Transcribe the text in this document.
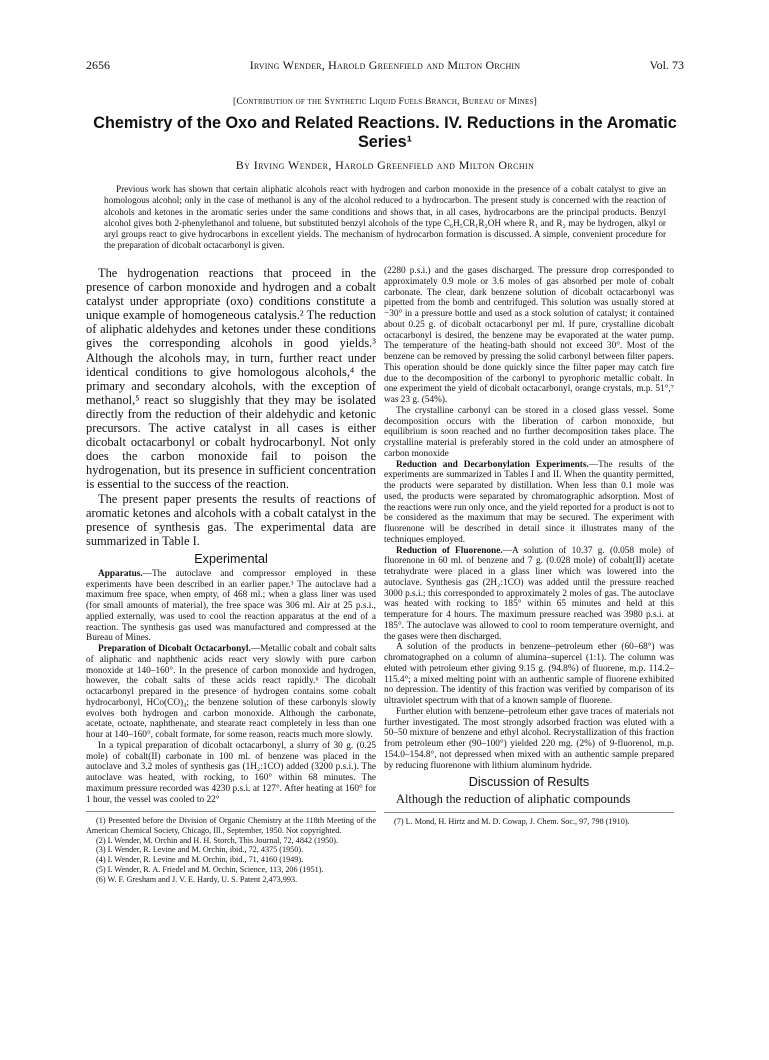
2656	Irving Wender, Harold Greenfield and Milton Orchin	Vol. 73
[Contribution of the Synthetic Liquid Fuels Branch, Bureau of Mines]
Chemistry of the Oxo and Related Reactions. IV. Reductions in the Aromatic Series¹
By Irving Wender, Harold Greenfield and Milton Orchin

Previous work has shown that certain aliphatic alcohols react with hydrogen and carbon monoxide in the presence of a cobalt catalyst to give an homologous alcohol; only in the case of methanol is any of the alcohol reduced to a hydrocarbon. The present study is concerned with the reaction of alcohols and ketones in the aromatic series under the same conditions and shows that, in all cases, hydrocarbons are the principal products. Benzyl alcohol gives both 2-phenylethanol and toluene, but substituted benzyl alcohols of the type C₆H₅CR₁R₂OH where R₁ and R₂ may be hydrogen, alkyl or aryl groups react to give hydrocarbons in excellent yields. The mechanism of hydrocarbon formation is discussed. A simple, convenient procedure for the preparation of dicobalt octacarbonyl is given.

The hydrogenation reactions that proceed in the presence of carbon monoxide and hydrogen and a cobalt catalyst under appropriate (oxo) conditions constitute a unique example of homogeneous catalysis.² The reduction of aliphatic aldehydes and ketones under these conditions gives the corresponding alcohols in good yields.³ Although the alcohols may, in turn, further react under identical conditions to give homologous alcohols,⁴ the primary and secondary alcohols, with the exception of methanol,⁵ react so sluggishly that they may be isolated directly from the reduction of their aldehydic and ketonic precursors. The active catalyst in all cases is either dicobalt octacarbonyl or cobalt hydrocarbonyl. Not only does the carbon monoxide fail to poison the hydrogenation, but its presence in sufficient concentration is essential to the success of the reaction.

The present paper presents the results of reactions of aromatic ketones and alcohols with a cobalt catalyst in the presence of synthesis gas. The experimental data are summarized in Table I.

Experimental

Apparatus.—The autoclave and compressor employed in these experiments have been described in an earlier paper.³ The autoclave had a maximum free space, when empty, of 468 ml.; when a glass liner was used (for small amounts of material), the free space was 306 ml. Air at 25 p.s.i., applied externally, was used to cool the reaction apparatus at the end of a reaction. The synthesis gas used was manufactured and compressed at the Bureau of Mines.

Preparation of Dicobalt Octacarbonyl.—Metallic cobalt and cobalt salts of aliphatic and naphthenic acids react very slowly with pure carbon monoxide at 140–160°. In the presence of carbon monoxide and hydrogen, however, the cobalt salts of these acids react rapidly.⁶ The dicobalt octacarbonyl prepared in the presence of hydrogen contains some cobalt hydrocarbonyl, HCo(CO)₄; the benzene solution of these carbonyls slowly evolves both hydrogen and carbon monoxide. Although the carbonate, acetate, octoate, naphthenate, and stearate react completely in less than one hour at 140–160°, cobalt formate, for some reason, reacts much more slowly.

In a typical preparation of dicobalt octacarbonyl, a slurry of 30 g. (0.25 mole) of cobalt(II) carbonate in 100 ml. of benzene was placed in the autoclave and 3.2 moles of synthesis gas (1H₂:1CO) added (3200 p.s.i.). The autoclave was heated, with rocking, to 160° within 68 minutes. The maximum pressure recorded was 4230 p.s.i. at 127°. After heating at 160° for 1 hour, the vessel was cooled to 22°

(1) Presented before the Division of Organic Chemistry at the 118th Meeting of the American Chemical Society, Chicago, Ill., September, 1950. Not copyrighted.

(2) I. Wender, M. Orchin and H. H. Storch, This Journal, 72, 4842 (1950).

(3) I. Wender, R. Levine and M. Orchin, ibid., 72, 4375 (1950).

(4) I. Wender, R. Levine and M. Orchin, ibid., 71, 4160 (1949).

(5) I. Wender, R. A. Friedel and M. Orchin, Science, 113, 206 (1951).

(6) W. F. Gresham and J. V. E. Hardy, U. S. Patent 2,473,993.

(2280 p.s.i.) and the gases discharged. The pressure drop corresponded to approximately 0.9 mole or 3.6 moles of gas absorbed per mole of cobalt carbonate. The clear, dark benzene solution of dicobalt octacarbonyl was pipetted from the bomb and centrifuged. This solution was usually stored at −30° in a pressure bottle and used as a stock solution of catalyst; it contained about 0.25 g. of dicobalt octacarbonyl per ml. If pure, crystalline dicobalt octacarbonyl is desired, the benzene may be evaporated at the water pump. The temperature of the heating-bath should not exceed 30°. Most of the benzene can be removed by pressing the solid carbonyl between filter papers. This operation should be done quickly since the filter paper may catch fire due to the decomposition of the carbonyl to pyrophoric metallic cobalt. In one experiment the yield of dicobalt octacarbonyl, orange crystals, m.p. 51°,⁷ was 23 g. (54%).

The crystalline carbonyl can be stored in a closed glass vessel. Some decomposition occurs with the liberation of carbon monoxide, but equilibrium is soon reached and no further decomposition takes place. The crystalline material is preferably stored in the cold under an atmosphere of carbon monoxide

Reduction and Decarbonylation Experiments.—The results of the experiments are summarized in Tables I and II. When the quantity permitted, the products were separated by distillation. When less than 0.1 mole was used, the products were separated by chromatographic adsorption. Most of the reactions were run only once, and the yield reported for a product is not to be considered as the maximum that may be secured. The experiment with fluorenone will be described in detail since it illustrates many of the techniques employed.

Reduction of Fluorenone.—A solution of 10.37 g. (0.058 mole) of fluorenone in 60 ml. of benzene and 7 g. (0.028 mole) of cobalt(II) acetate tetrahydrate were placed in a glass liner which was lowered into the autoclave. Synthesis gas (2H₂:1CO) was added until the pressure reached 3000 p.s.i.; this corresponded to approximately 2 moles of gas. The autoclave was heated with rocking to 185° within 65 minutes and held at this temperature for 4 hours. The maximum pressure reached was 3980 p.s.i. at 185°. The autoclave was allowed to cool to room temperature overnight, and the gases were then discharged.

A solution of the products in benzene–petroleum ether (60–68°) was chromatographed on a column of alumina–supercel (1:1). The column was eluted with petroleum ether giving 9.15 g. (94.8%) of fluorene, m.p. 114.2–115.4°; a mixed melting point with an authentic sample of fluorene exhibited no depression. The identity of this fraction was verified by comparison of its ultraviolet spectrum with that of a known sample of fluorene.

Further elution with benzene–petroleum ether gave traces of materials not further investigated. The most strongly adsorbed fraction was eluted with a 50–50 mixture of benzene and ethyl alcohol. Recrystallization of this fraction from petroleum ether (90–100°) yielded 220 mg. (2%) of 9-fluorenol, m.p. 154.0–154.8°, not depressed when mixed with an authentic sample prepared by reducing fluorenone with lithium aluminum hydride.

Discussion of Results

Although the reduction of aliphatic compounds

(7) L. Mond, H. Hirtz and M. D. Cowap, J. Chem. Soc., 97, 798 (1910).
